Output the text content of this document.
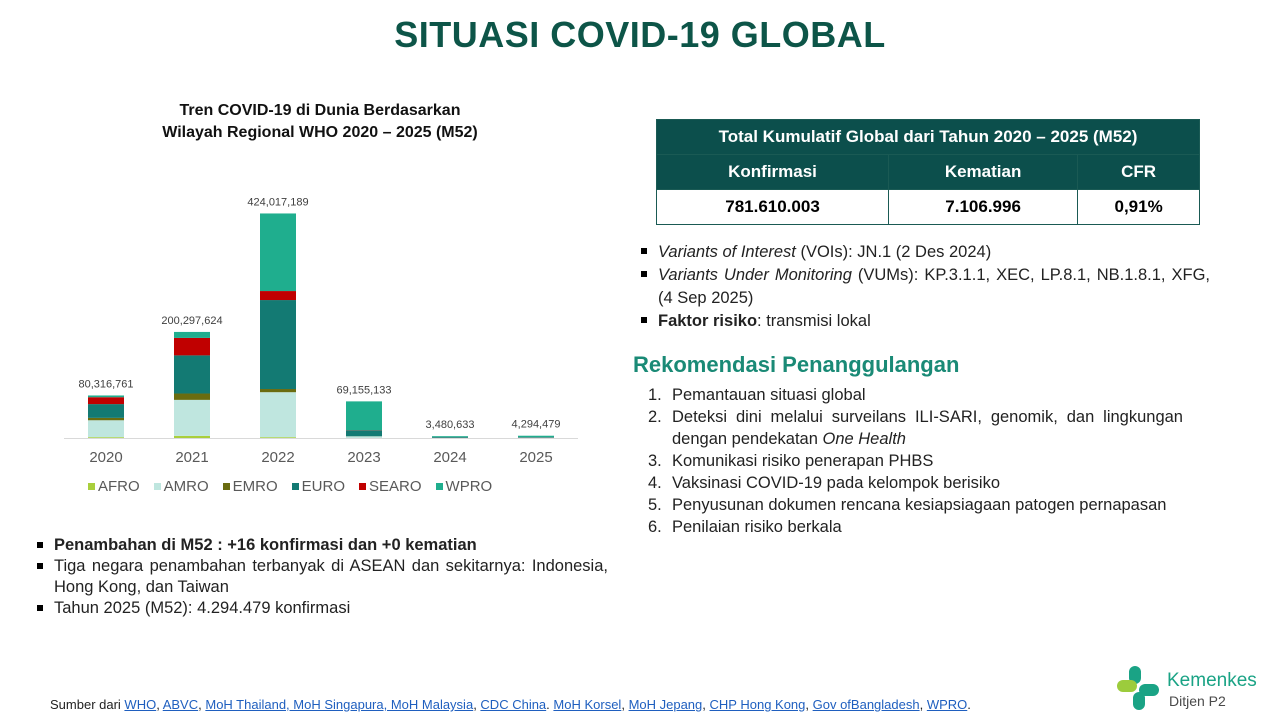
SITUASI COVID-19 GLOBAL
Tren COVID-19 di Dunia Berdasarkan
Wilayah Regional WHO 2020 – 2025 (M52)
80,316,761
2020
200,297,624
2021
424,017,189
2022
69,155,133
2023
3,480,633
2024
4,294,479
2025
AFRO AMRO EMRO EURO SEARO WPRO
Penambahan di M52 : +16 konfirmasi dan +0 kematian
Tiga negara penambahan terbanyak di ASEAN dan sekitarnya: Indonesia, Hong Kong, dan Taiwan
Tahun 2025 (M52): 4.294.479 konfirmasi
Total Kumulatif Global dari Tahun 2020 – 2025 (M52)		
Konfirmasi	Kematian	CFR
781.610.003	7.106.996	0,91%
Variants of Interest (VOIs): JN.1 (2 Des 2024)
Variants Under Monitoring (VUMs): KP.3.1.1, XEC, LP.8.1, NB.1.8.1, XFG, (4 Sep 2025)
Faktor risiko: transmisi lokal
Rekomendasi Penanggulangan
1. Pemantauan situasi global
2. Deteksi dini melalui surveilans ILI-SARI, genomik, dan lingkungan dengan pendekatan One Health
3. Komunikasi risiko penerapan PHBS
4. Vaksinasi COVID-19 pada kelompok berisiko
5. Penyusunan dokumen rencana kesiapsiagaan patogen pernapasan
6. Penilaian risiko berkala
Sumber dari WHO, ABVC, MoH Thailand, MoH Singapura, MoH Malaysia, CDC China. MoH Korsel, MoH Jepang, CHP Hong Kong, Gov ofBangladesh, WPRO.
Kemenkes
Ditjen P2
